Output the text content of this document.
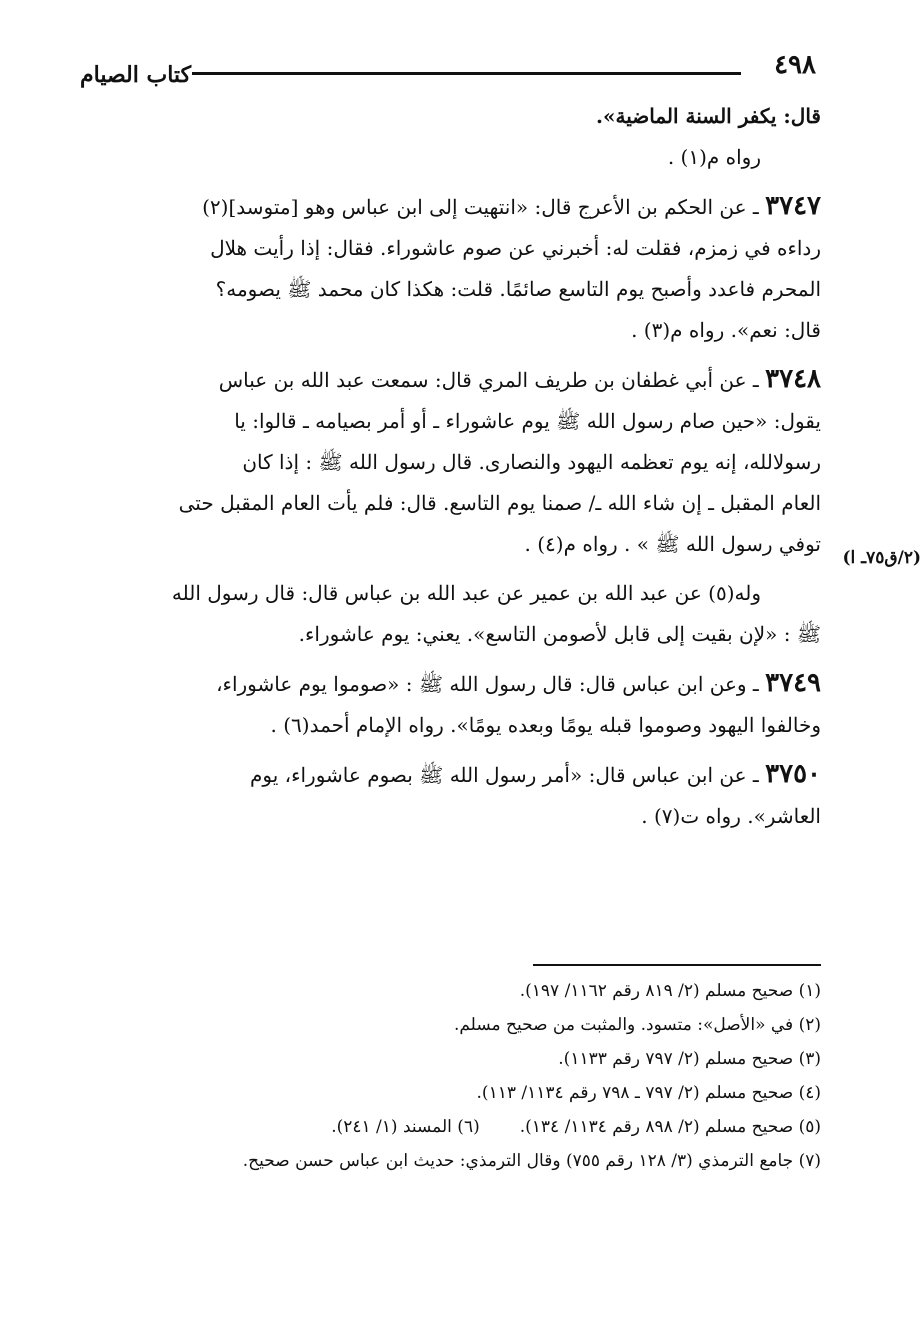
٤٩٨
كتاب الصيام
(٢/ق٧٥ـ ا)
قال: يكفر السنة الماضية».
رواه م(١) .
٣٧٤٧ ـ عن الحكم بن الأعرج قال: «انتهيت إلى ابن عباس وهو [متوسد](٢)
رداءه في زمزم، فقلت له: أخبرني عن صوم عاشوراء. فقال: إذا رأيت هلال
المحرم فاعدد وأصبح يوم التاسع صائمًا. قلت: هكذا كان محمد ﷺ يصومه؟
قال: نعم». رواه م(٣) .
٣٧٤٨ ـ عن أبي غطفان بن طريف المري قال: سمعت عبد الله بن عباس
يقول: «حين صام رسول الله ﷺ يوم عاشوراء ـ أو أمر بصيامه ـ قالوا: يا
رسولالله، إنه يوم تعظمه اليهود والنصارى. قال رسول الله ﷺ : إذا كان
العام المقبل ـ إن شاء الله ـ/ صمنا يوم التاسع. قال: فلم يأت العام المقبل حتى
توفي رسول الله ﷺ » . رواه م(٤) .
وله(٥) عن عبد الله بن عمير عن عبد الله بن عباس قال: قال رسول الله
ﷺ : «لإن بقيت إلى قابل لأصومن التاسع». يعني: يوم عاشوراء.
٣٧٤٩ ـ وعن ابن عباس قال: قال رسول الله ﷺ : «صوموا يوم عاشوراء،
وخالفوا اليهود وصوموا قبله يومًا وبعده يومًا». رواه الإمام أحمد(٦) .
٣٧٥٠ ـ عن ابن عباس قال: «أمر رسول الله ﷺ بصوم عاشوراء، يوم
العاشر». رواه ت(٧) .
(١) صحيح مسلم (٢/ ٨١٩ رقم ١١٦٢/ ١٩٧).
(٢) في «الأصل»: متسود. والمثبت من صحيح مسلم.
(٣) صحيح مسلم (٢/ ٧٩٧ رقم ١١٣٣).
(٤) صحيح مسلم (٢/ ٧٩٧ ـ ٧٩٨ رقم ١١٣٤/ ١١٣).
(٥) صحيح مسلم (٢/ ٨٩٨ رقم ١١٣٤/ ١٣٤).
(٦) المسند (١/ ٢٤١).
(٧) جامع الترمذي (٣/ ١٢٨ رقم ٧٥٥) وقال الترمذي: حديث ابن عباس حسن صحيح.
